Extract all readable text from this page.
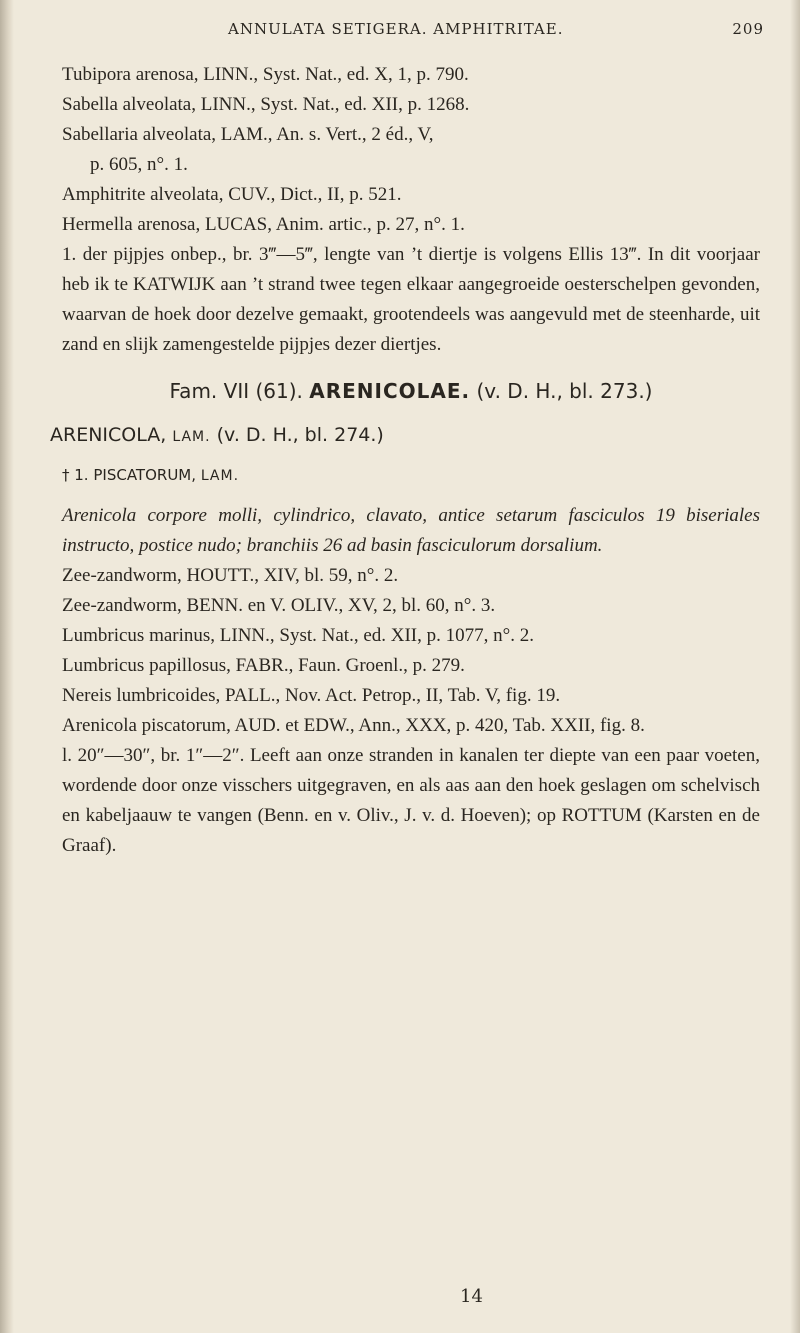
ANNULATA SETIGERA. AMPHITRITAE.	209

Tubipora arenosa, LINN., Syst. Nat., ed. X, 1, p. 790.

Sabella alveolata, LINN., Syst. Nat., ed. XII, p. 1268.

Sabellaria alveolata, LAM., An. s. Vert., 2 éd., V,

p. 605, n°. 1.

Amphitrite alveolata, CUV., Dict., II, p. 521.

Hermella arenosa, LUCAS, Anim. artic., p. 27, n°. 1.

1. der pijpjes onbep., br. 3‴—5‴, lengte van ’t diertje is volgens Ellis 13‴. In dit voorjaar heb ik te KATWIJK aan ’t strand twee tegen elkaar aangegroeide oesterschelpen gevonden, waarvan de hoek door dezelve gemaakt, grootendeels was aangevuld met de steenharde, uit zand en slijk zamengestelde pijpjes dezer diertjes.

Fam. VII (61). ARENICOLAE. (v. D. H., bl. 273.)
ARENICOLA, LAM. (v. D. H., bl. 274.)
† 1. PISCATORUM, LAM.

Arenicola corpore molli, cylindrico, clavato, antice setarum fasciculos 19 biseriales instructo, postice nudo; branchiis 26 ad basin fasciculorum dorsalium.

Zee-zandworm, HOUTT., XIV, bl. 59, n°. 2.

Zee-zandworm, BENN. en V. OLIV., XV, 2, bl. 60, n°. 3.

Lumbricus marinus, LINN., Syst. Nat., ed. XII, p. 1077, n°. 2.

Lumbricus papillosus, FABR., Faun. Groenl., p. 279.

Nereis lumbricoides, PALL., Nov. Act. Petrop., II, Tab. V, fig. 19.

Arenicola piscatorum, AUD. et EDW., Ann., XXX, p. 420, Tab. XXII, fig. 8.

l. 20″—30″, br. 1″—2″. Leeft aan onze stranden in kanalen ter diepte van een paar voeten, wordende door onze visschers uitgegraven, en als aas aan den hoek geslagen om schelvisch en kabeljaauw te vangen (Benn. en v. Oliv., J. v. d. Hoeven); op ROTTUM (Karsten en de Graaf).

14
